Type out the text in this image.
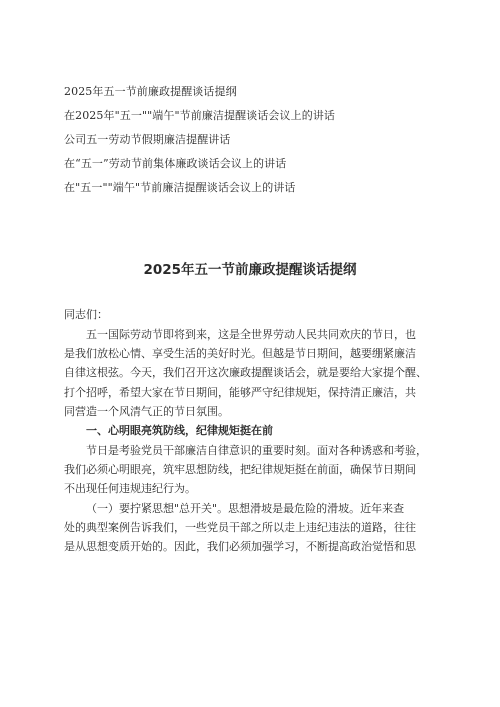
2025年五一节前廉政提醒谈话提纲
在2025年"五一""端午"节前廉洁提醒谈话会议上的讲话
公司五一劳动节假期廉洁提醒讲话
在“五一”劳动节前集体廉政谈话会议上的讲话
在"五一""端午"节前廉洁提醒谈话会议上的讲话
2025年五一节前廉政提醒谈话提纲
同志们：
五一国际劳动节即将到来，这是全世界劳动人民共同欢庆的节日，也
是我们放松心情、享受生活的美好时光。但越是节日期间，越要绷紧廉洁
自律这根弦。今天，我们召开这次廉政提醒谈话会，就是要给大家提个醒、
打个招呼，希望大家在节日期间，能够严守纪律规矩，保持清正廉洁，共
同营造一个风清气正的节日氛围。
一、心明眼亮筑防线，纪律规矩挺在前
节日是考验党员干部廉洁自律意识的重要时刻。面对各种诱惑和考验，
我们必须心明眼亮，筑牢思想防线，把纪律规矩挺在前面，确保节日期间
不出现任何违规违纪行为。
（一）要拧紧思想"总开关"。思想滑坡是最危险的滑坡。近年来查
处的典型案例告诉我们，一些党员干部之所以走上违纪违法的道路，往往
是从思想变质开始的。因此，我们必须加强学习，不断提高政治觉悟和思
